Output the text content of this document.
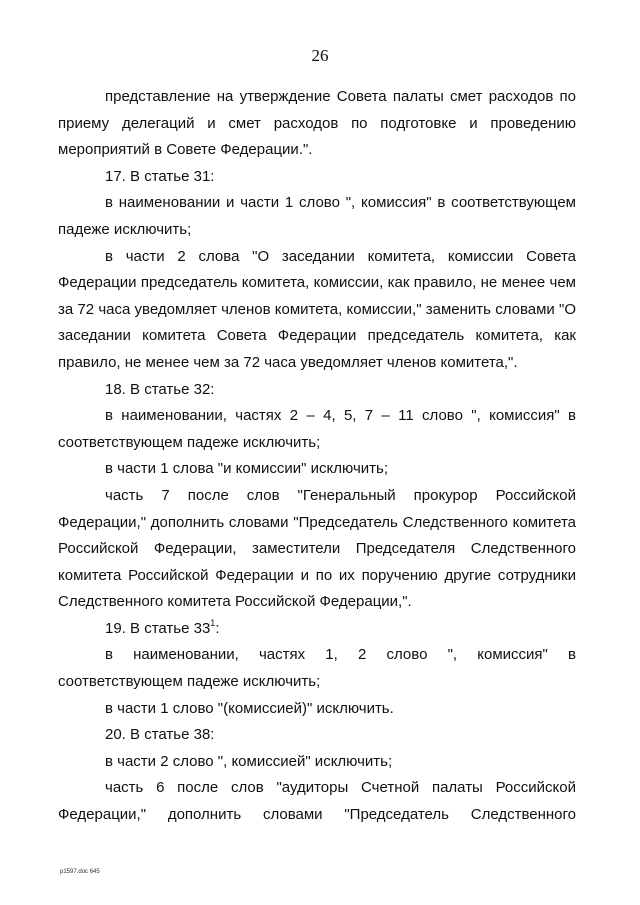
26

представление на утверждение Совета палаты смет расходов по приему делегаций и смет расходов по подготовке и проведению мероприятий в Совете Федерации.".

17. В статье 31:

в наименовании и части 1 слово ", комиссия" в соответствующем падеже исключить;

в части 2 слова "О заседании комитета, комиссии Совета Федерации председатель комитета, комиссии, как правило, не менее чем за 72 часа уведомляет членов комитета, комиссии," заменить словами "О заседании комитета Совета Федерации председатель комитета, как правило, не менее чем за 72 часа уведомляет членов комитета,".

18. В статье 32:

в наименовании, частях 2 – 4, 5, 7 – 11 слово ", комиссия" в соответствующем падеже исключить;

в части 1 слова "и комиссии" исключить;

часть 7 после слов "Генеральный прокурор Российской Федерации," дополнить словами "Председатель Следственного комитета Российской Федерации, заместители Председателя Следственного комитета Российской Федерации и по их поручению другие сотрудники Следственного комитета Российской Федерации,".

19. В статье $33^1$:

в наименовании, частях 1, 2 слово ", комиссия" в соответствующем падеже исключить;

в части 1 слово "(комиссией)" исключить.

20. В статье 38:

в части 2 слово ", комиссией" исключить;

часть 6 после слов "аудиторы Счетной палаты Российской Федерации," дополнить словами "Председатель Следственного

p1597.doc 645
